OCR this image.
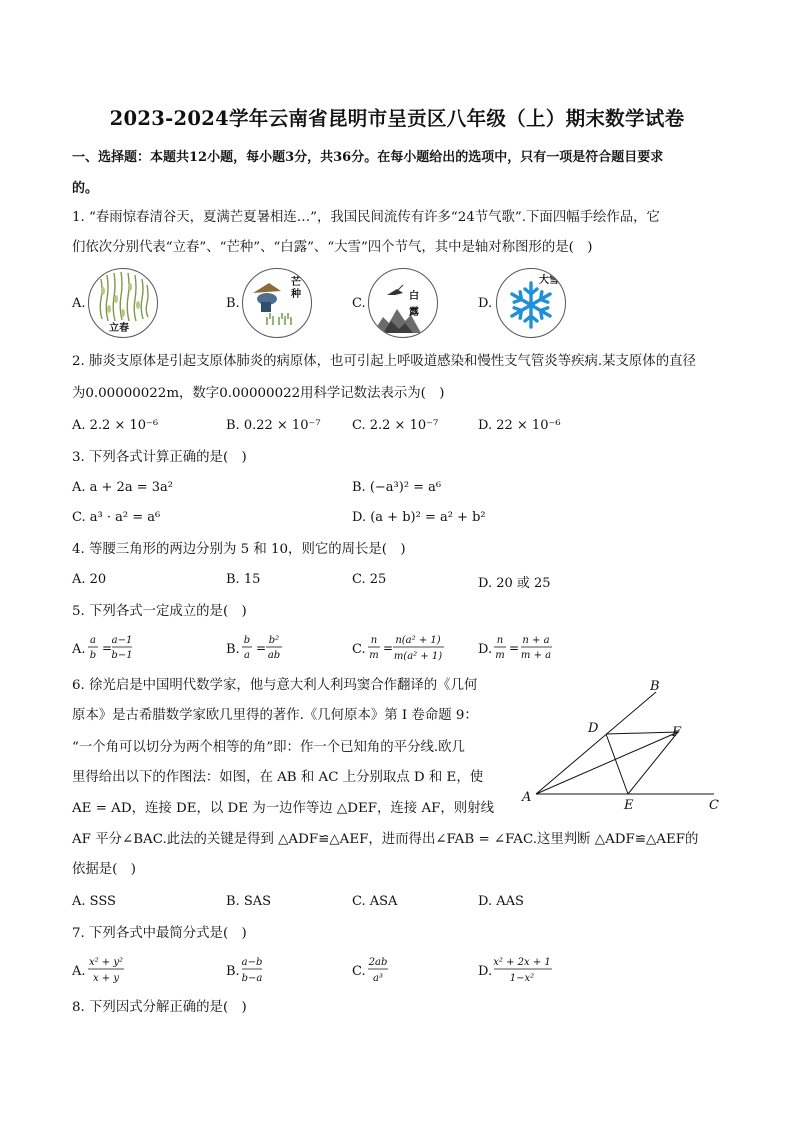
2023-2024学年云南省昆明市呈贡区八年级（上）期末数学试卷
一、选择题：本题共12小题，每小题3分，共36分。在每小题给出的选项中，只有一项是符合题目要求
的。
1. “春雨惊春清谷天，夏满芒夏暑相连…”，我国民间流传有许多“24节气歌”.下面四幅手绘作品，它
们依次分别代表“立春”、“芒种”、“白露”、“大雪”四个节气，其中是轴对称图形的是(　)
A.
立春
B.
芒种
C.	白露
D.
大雪
2. 肺炎支原体是引起支原体肺炎的病原体，也可引起上呼吸道感染和慢性支气管炎等疾病.某支原体的直径
为0.00000022m，数字0.00000022用科学记数法表示为(　)
A. 2.2 × 10⁻⁶	B. 0.22 × 10⁻⁷ C. 2.2 × 10⁻⁷	D. 22 × 10⁻⁶
3. 下列各式计算正确的是(　)
A. a + 2a = 3a²	B. (−a³)² = a⁶
C. a³ · a² = a⁶	D. (a + b)² = a² + b²
4. 等腰三角形的两边分别为 5 和 10，则它的周长是(　)
A. 20	B. 15	C. 25	D. 20 或 25
5. 下列各式一定成立的是(　)
A.
a
b
=
a−1
b−1	B.
b
a
=
b²
ab	C.
n
m
=
n(a² + 1)
m(a² + 1)	D.
n
m
=
n + a
m + a
6. 徐光启是中国明代数学家，他与意大利人利玛窦合作翻译的《几何
原本》是古希腊数学家欧几里得的著作.《几何原本》第 I 卷命题 9：
“一个角可以切分为两个相等的角”即：作一个已知角的平分线.欧几
里得给出以下的作图法：如图，在 AB 和 AC 上分别取点 D 和 E，使
AE = AD，连接 DE，以 DE 为一边作等边 △DEF，连接 AF，则射线
AF 平分∠BAC.此法的关键是得到 △ADF≌△AEF，进而得出∠FAB = ∠FAC.这里判断 △ADF≌△AEF的
依据是(　)
A
B
C
D
E
F
A. SSS	B. SAS	C. ASA	D. AAS
7. 下列各式中最简分式是(　)
A.
x² + y²
x + y	B.
a−b
b−a	C.
2ab
a³	D.
x² + 2x + 1
1−x²
8. 下列因式分解正确的是(　)
